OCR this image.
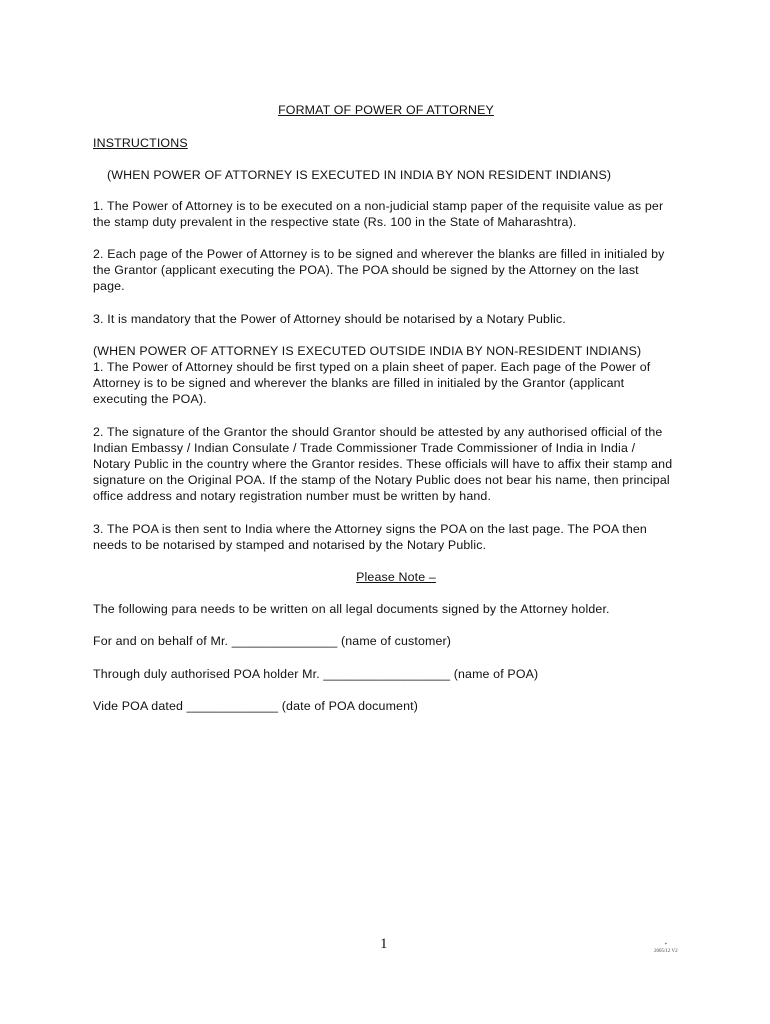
FORMAT OF POWER OF ATTORNEY
INSTRUCTIONS
(WHEN POWER OF ATTORNEY IS EXECUTED IN INDIA BY NON RESIDENT INDIANS)

1. The Power of Attorney is to be executed on a non-judicial stamp paper of the requisite value as per the stamp duty prevalent in the respective state (Rs. 100 in the State of Maharashtra).

2. Each page of the Power of Attorney is to be signed and wherever the blanks are filled in initialed by the Grantor (applicant executing the POA). The POA should be signed by the Attorney on the last page.

3. It is mandatory that the Power of Attorney should be notarised by a Notary Public.

(WHEN POWER OF ATTORNEY IS EXECUTED OUTSIDE INDIA BY NON-RESIDENT INDIANS)

1. The Power of Attorney should be first typed on a plain sheet of paper. Each page of the Power of Attorney is to be signed and wherever the blanks are filled in initialed by the Grantor (applicant executing the POA).

2. The signature of the Grantor the should Grantor should be attested by any authorised official of the Indian Embassy / Indian Consulate / Trade Commissioner Trade Commissioner of India in India / Notary Public in the country where the Grantor resides. These officials will have to affix their stamp and signature on the Original POA. If the stamp of the Notary Public does not bear his name, then principal office address and notary registration number must be written by hand.

3. The POA is then sent to India where the Attorney signs the POA on the last page. The POA then needs to be notarised by stamped and notarised by the Notary Public.

Please Note –

The following para needs to be written on all legal documents signed by the Attorney holder.

For and on behalf of Mr. _______________ (name of customer)

Through duly authorised POA holder Mr. __________________ (name of POA)

Vide POA dated _____________ (date of POA document)

1	*
2005/12 V2
